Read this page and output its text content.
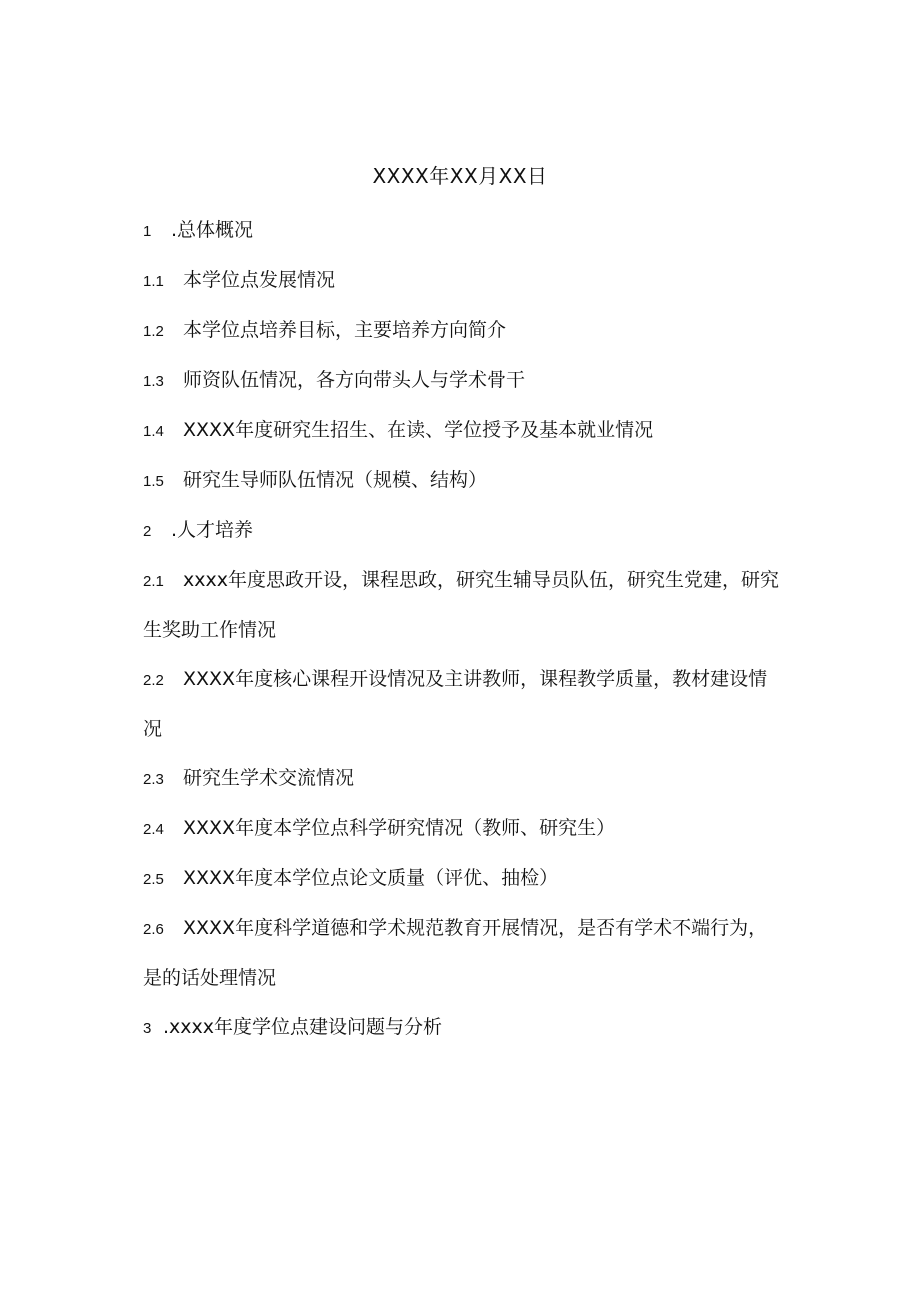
XXXX年XX月XX日
1 .总体概况
1.1 本学位点发展情况
1.2 本学位点培养目标，主要培养方向简介
1.3 师资队伍情况，各方向带头人与学术骨干
1.4 XXXX年度研究生招生、在读、学位授予及基本就业情况
1.5 研究生导师队伍情况（规模、结构）
2 .人才培养
2.1 xxxx年度思政开设，课程思政，研究生辅导员队伍，研究生党建，研究生奖助工作情况
2.2 XXXX年度核心课程开设情况及主讲教师，课程教学质量，教材建设情况
2.3 研究生学术交流情况
2.4 XXXX年度本学位点科学研究情况（教师、研究生）
2.5 XXXX年度本学位点论文质量（评优、抽检）
2.6 XXXX年度科学道德和学术规范教育开展情况，是否有学术不端行为，是的话处理情况
3 .xxxx年度学位点建设问题与分析
